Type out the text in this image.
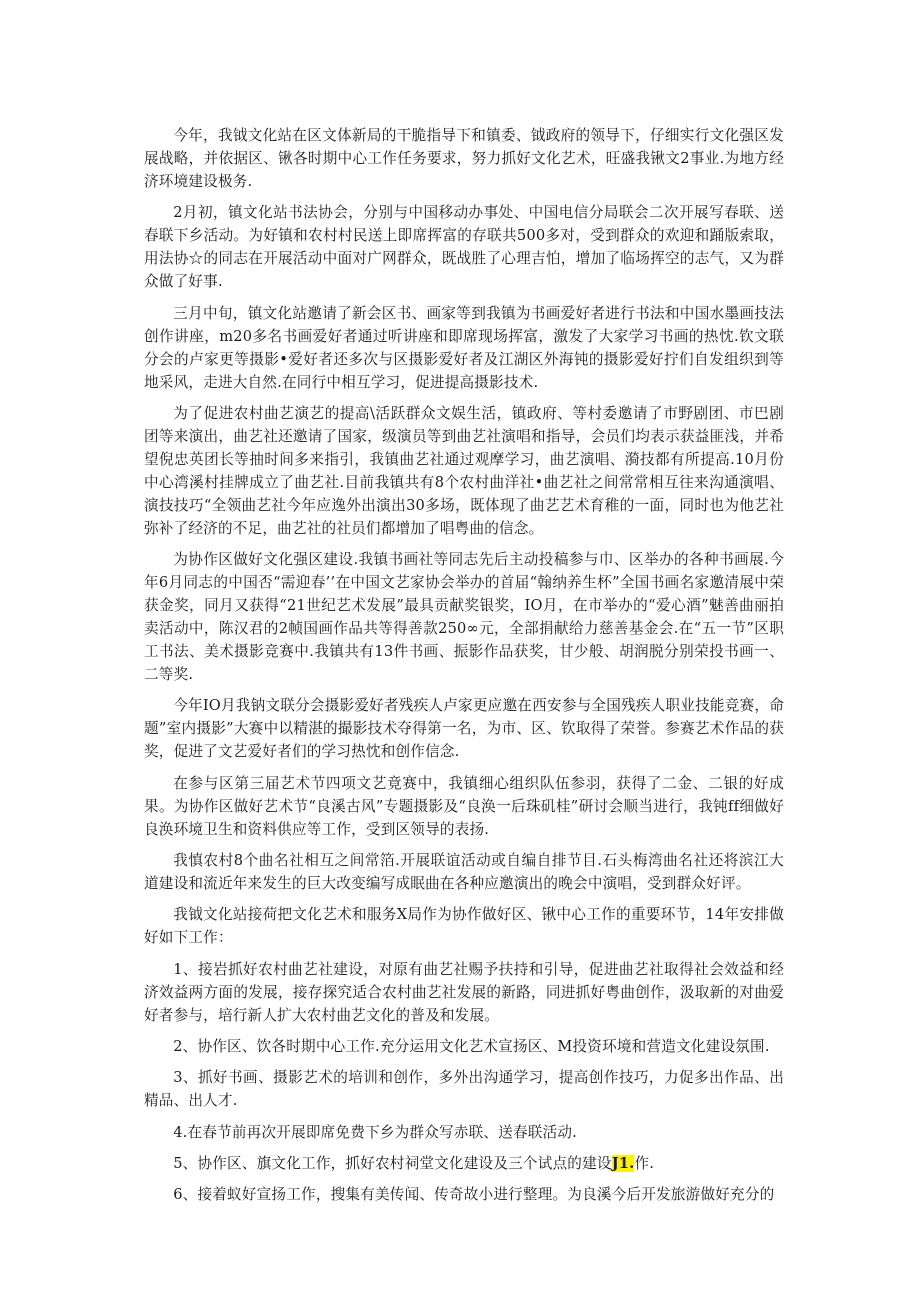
今年，我钺文化站在区文体新局的干脆指导下和镇委、钺政府的领导下，仔细实行文化强区发展战略，并依据区、锹各时期中心工作任务要求，努力抓好文化艺术，旺盛我锹文2事业.为地方经济环境建设极务.

2月初，镇文化站书法协会，分别与中国移动办事处、中国电信分局联会二次开展写春联、送春联下乡活动。为好镇和农村村民送上即席挥富的存联共500多对，受到群众的欢迎和踊版索取，用法协☆的同志在开展活动中面对广网群众，既战胜了心理吉怕，增加了临场挥空的志气，又为群众做了好事.

三月中旬，镇文化站邀请了新会区书、画家等到我镇为书画爱好者进行书法和中国水墨画技法创作讲座，m20多名书画爱好者通过听讲座和即席现场挥富，激发了大家学习书画的热忱.钦文联分会的卢家更等摄影•爱好者还多次与区摄影爱好者及江湖区外海钝的摄影爱好拧们自发组织到等地采风，走进大自然.在同行中相互学习，促进提高摄影技术.

为了促进农村曲艺演艺的提高\活跃群众文娱生活，镇政府、等村委邀请了市野剧团、市巴剧团等来演出，曲艺社还邀请了国家，级演员等到曲艺社演唱和指导，会员们均表示获益匪浅，并希望倪忠英团长等抽时间多来指引，我镇曲艺社通过观摩学习，曲艺演唱、漪技都有所提高.10月份中心湾溪村挂牌成立了曲艺社.目前我镇共有8个农村曲洋社•曲艺社之间常常相互往来沟通演唱、演技技巧“全领曲艺社今年应逸外出演出30多场，既体现了曲艺艺术育稚的一面，同时也为他艺社弥补了经济的不足，曲艺社的社员们都增加了唱粤曲的信念。

为协作区做好文化强区建设.我镇书画社等同志先后主动投稿参与巾、区举办的各种书画展.今年6月同志的中国否“需迎春’’在中国文艺家协会举办的首届“翰纳养生杯”全国书画名家邀清展中荣获金奖，同月又获得“21世纪艺术发展”最具贡献奖银奖，IO月，在市举办的“爱心酒”魅善曲丽拍卖活动中，陈汉君的2帧国画作品共等得善款250∞元，全部捐献给力慈善基金会.在“五一节”区职工书法、美术摄影竞赛中.我镇共有13件书画、振影作品获奖，甘少般、胡润脱分别荣投书画一、二等奖.

今年IO月我钠文联分会摄影爱好者残疾人卢家更应邀在西安参与全国残疾人职业技能竞赛，命题”室内摄影”大赛中以精湛的撮影技术夺得第一名，为市、区、钦取得了荣誉。参赛艺术作品的获奖，促进了文艺爱好者们的学习热忱和创作信念.

在参与区第三届艺术节四项文艺竟赛中，我镇细心组织队伍参羽，获得了二金、二银的好成果。为协作区做好艺术节“良溪古风”专题摄影及“良涣一后珠矶桂”研讨会顺当进行，我钝ff细做好良涣环境卫生和资料供应等工作，受到区领导的表扬.

我慎农村8个曲名社相互之间常箔.开展联谊活动或自编自排节目.石头梅湾曲名社还将滨江大道建设和流近年来发生的巨大改变编写成眠曲在各种应邀演出的晚会中演唱，受到群众好评。

我钺文化站接荷把文化艺术和服务X局作为协作做好区、锹中心工作的重要环节，14年安排做好如下工作：

1、接岩抓好农村曲艺社建设，对原有曲艺社赐予扶持和引导，促进曲艺社取得社会效益和经济效益两方面的发展，接存探究适合农村曲艺社发展的新路，同进抓好粤曲创作，汲取新的对曲爱好者参与，培行新人扩大农村曲艺文化的普及和发展。

2、协作区、饮各时期中心工作.充分运用文化艺术宣扬区、M投资环境和营造文化建设氛围.

3、抓好书画、摄影艺术的培训和创作，多外出沟通学习，提高创作技巧，力促多出作品、出精品、出人才.

4.在春节前再次开展即席免费下乡为群众写赤联、送春联活动.

5、协作区、旗文化工作，抓好农村祠堂文化建设及三个试点的建设J1.作.

6、接着蚁好宣扬工作，搜集有美传闻、传奇故小进行整理。为良溪今后开发旅游做好充分的
